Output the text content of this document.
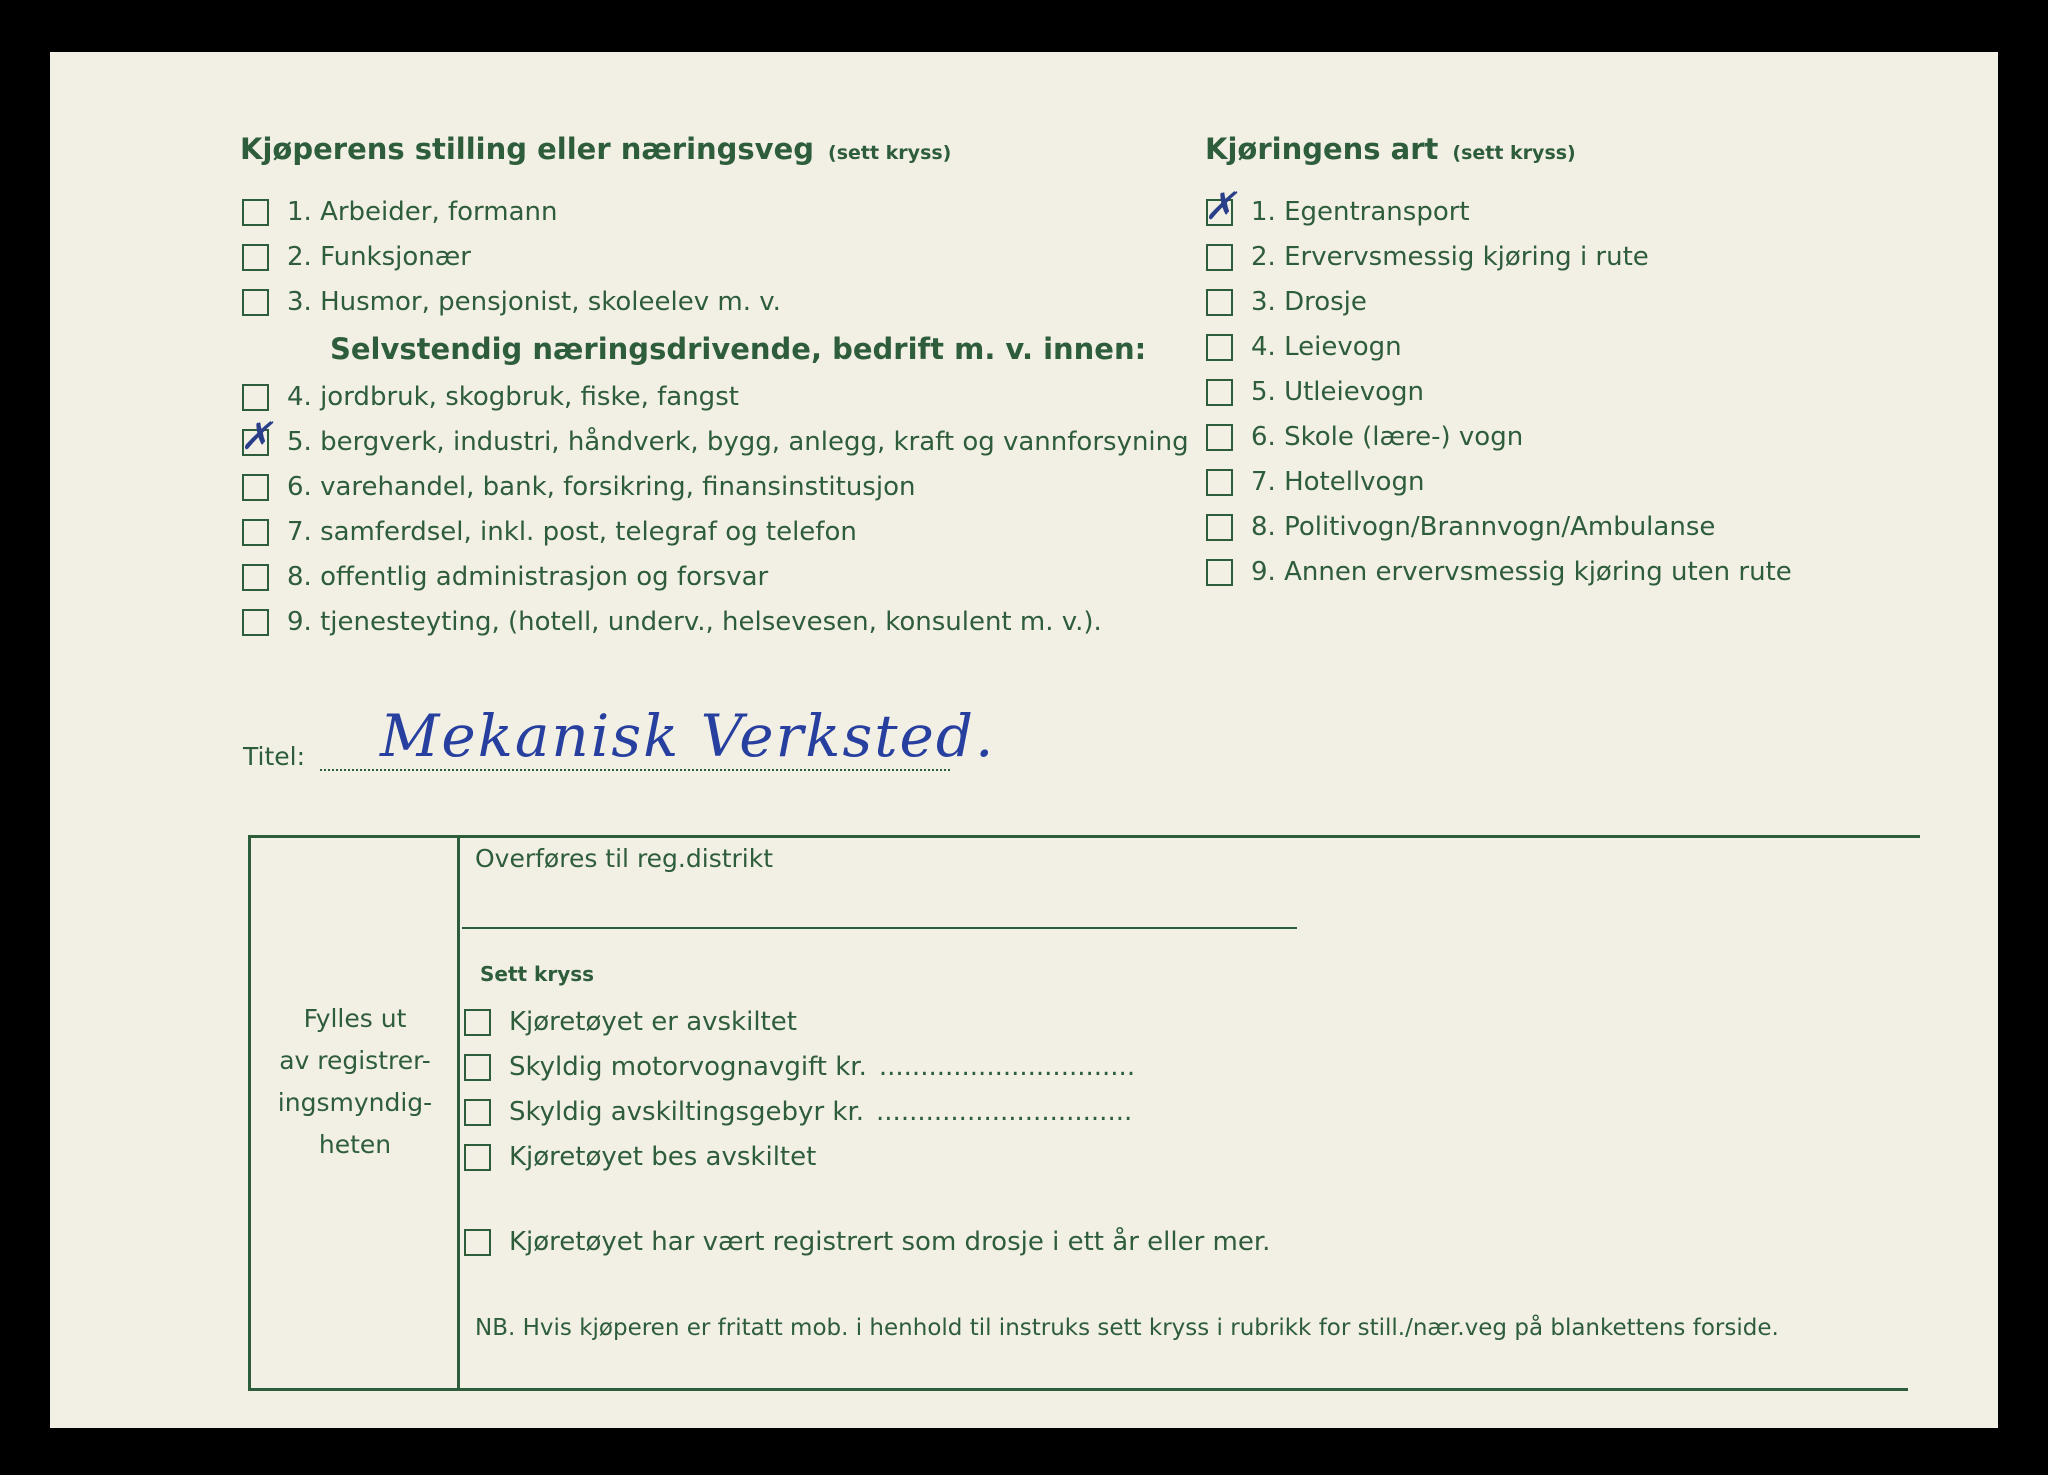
Kjøperens stilling eller næringsveg (sett kryss)
1. Arbeider, formann
2. Funksjonær
3. Husmor, pensjonist, skoleelev m. v.
Selvstendig næringsdrivende, bedrift m. v. innen:
4. jordbruk, skogbruk, fiske, fangst
✗ 5. bergverk, industri, håndverk, bygg, anlegg, kraft og vannforsyning
6. varehandel, bank, forsikring, finansinstitusjon
7. samferdsel, inkl. post, telegraf og telefon
8. offentlig administrasjon og forsvar
9. tjenesteyting, (hotell, underv., helsevesen, konsulent m. v.).
Kjøringens art (sett kryss)
✗ 1. Egentransport
2. Ervervsmessig kjøring i rute
3. Drosje
4. Leievogn
5. Utleievogn
6. Skole (lære-) vogn
7. Hotellvogn
8. Politivogn/Brannvogn/Ambulanse
9. Annen ervervsmessig kjøring uten rute
Titel: Mekanisk Verksted.
Fylles ut
av registrer-
ingsmyndig-
heten
Overføres til reg.distrikt
Sett kryss
Kjøretøyet er avskiltet
Skyldig motorvognavgift kr. ...............................
Skyldig avskiltingsgebyr kr. ...............................
Kjøretøyet bes avskiltet
Kjøretøyet har vært registrert som drosje i ett år eller mer.
NB. Hvis kjøperen er fritatt mob. i henhold til instruks sett kryss i rubrikk for still./nær.veg på blankettens forside.
